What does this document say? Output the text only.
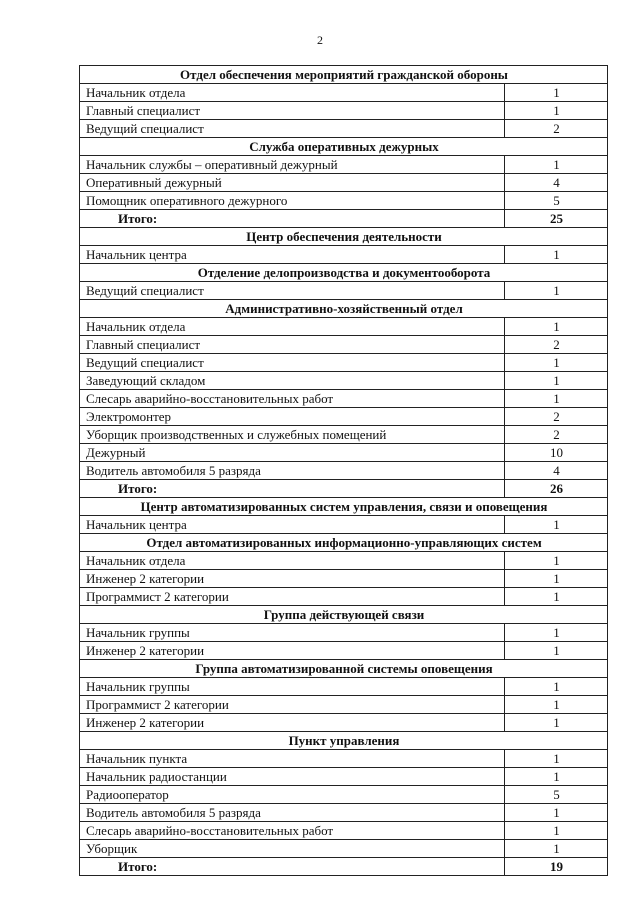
2
Отдел обеспечения мероприятий гражданской обороны	
Начальник отдела	1
Главный специалист	1
Ведущий специалист	2
Служба оперативных дежурных	
Начальник службы – оперативный дежурный	1
Оперативный дежурный	4
Помощник оперативного дежурного	5
Итого:	25
Центр обеспечения деятельности	
Начальник центра	1
Отделение делопроизводства и документооборота	
Ведущий специалист	1
Административно-хозяйственный отдел	
Начальник отдела	1
Главный специалист	2
Ведущий специалист	1
Заведующий складом	1
Слесарь аварийно-восстановительных работ	1
Электромонтер	2
Уборщик производственных и служебных помещений	2
Дежурный	10
Водитель автомобиля 5 разряда	4
Итого:	26
Центр автоматизированных систем управления, связи и оповещения	
Начальник центра	1
Отдел автоматизированных информационно-управляющих систем	
Начальник отдела	1
Инженер 2 категории	1
Программист 2 категории	1
Группа действующей связи	
Начальник группы	1
Инженер 2 категории	1
Группа автоматизированной системы оповещения	
Начальник группы	1
Программист 2 категории	1
Инженер 2 категории	1
Пункт управления	
Начальник пункта	1
Начальник радиостанции	1
Радиооператор	5
Водитель автомобиля 5 разряда	1
Слесарь аварийно-восстановительных работ	1
Уборщик	1
Итого:	19
